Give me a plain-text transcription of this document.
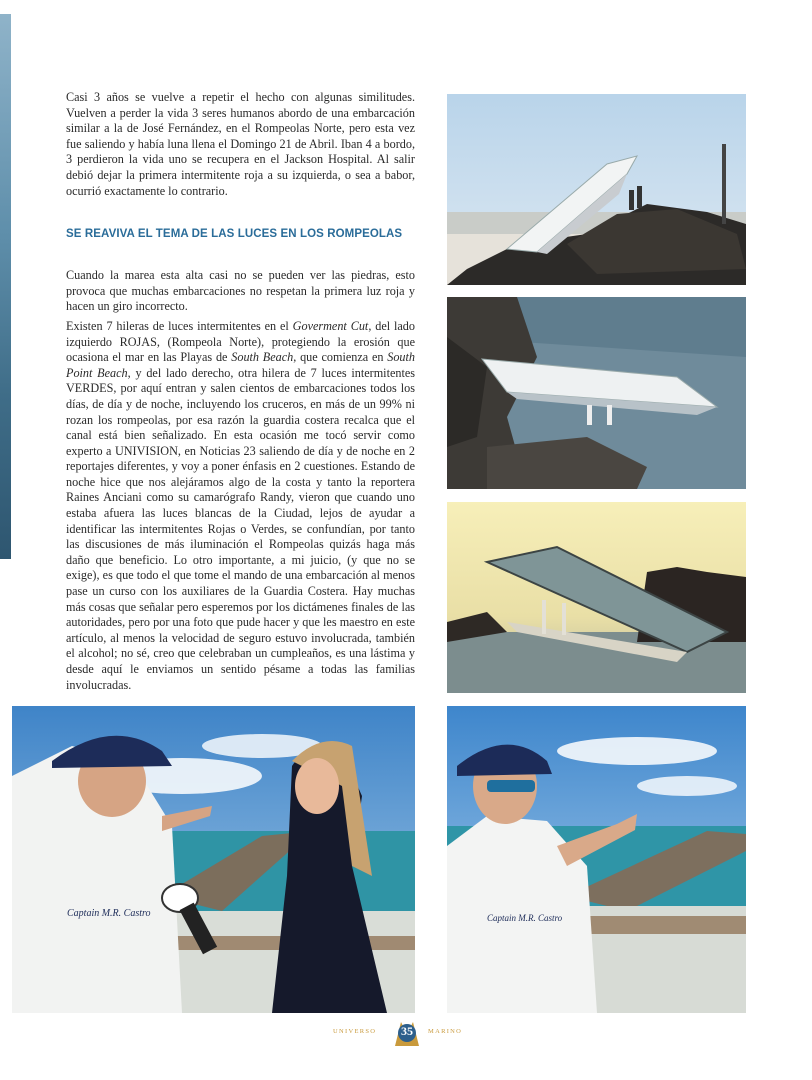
Casi 3 años se vuelve a repetir el hecho con algunas similitudes. Vuelven a perder la vida 3 seres humanos abordo de una embarcación similar a la de José Fernández, en el Rompeolas Norte, pero esta vez fue saliendo y había luna llena el Domingo 21 de Abril. Iban 4 a bordo, 3 perdieron la vida uno se recupera en el Jackson Hospital. Al salir debió dejar la primera intermitente roja a su izquierda, o sea a babor, ocurrió exactamente lo contrario.

SE REAVIVA EL TEMA DE LAS LUCES EN LOS ROMPEOLAS

Cuando la marea esta alta casi no se pueden ver las piedras, esto provoca que muchas embarcaciones no respetan la primera luz roja y hacen un giro incorrecto.

Existen 7 hileras de luces intermitentes en el Goverment Cut, del lado izquierdo ROJAS, (Rompeola Norte), protegiendo la erosión que ocasiona el mar en las Playas de South Beach, que comienza en South Point Beach, y del lado derecho, otra hilera de 7 luces intermitentes VERDES, por aquí entran y salen cientos de embarcaciones todos los días, de día y de noche, incluyendo los cruceros, en más de un 99% ni rozan los rompeolas, por esa razón la guardia costera recalca que el canal está bien señalizado. En esta ocasión me tocó servir como experto a UNIVISION, en Noticias 23 saliendo de día y de noche en 2 reportajes diferentes, y voy a poner énfasis en 2 cuestiones. Estando de noche hice que nos alejáramos algo de la costa y tanto la reportera Raines Anciani como su camarógrafo Randy, vieron que cuando uno estaba afuera las luces blancas de la Ciudad, lejos de ayudar a identificar las intermitentes Rojas o Verdes, se confundían, por tanto las discusiones de más iluminación el Rompeolas quizás haga más daño que beneficio. Lo otro importante, a mi juicio, (y que no se exige), es que todo el que tome el mando de una embarcación al menos pase un curso con los auxiliares de la Guardia Costera. Hay muchas más cosas que señalar pero esperemos por los dictámenes finales de las autoridades, pero por una foto que pude hacer y que les maestro en este artículo, al menos la velocidad de seguro estuvo involucrada, también el alcohol; no sé, creo que celebraban un cumpleaños, es una lástima y desde aquí le enviamos un sentido pésame a todas las familias involucradas.

Captain M.R. Castro	Captain M.R. Castro
UNIVERSO	35	MARINO
